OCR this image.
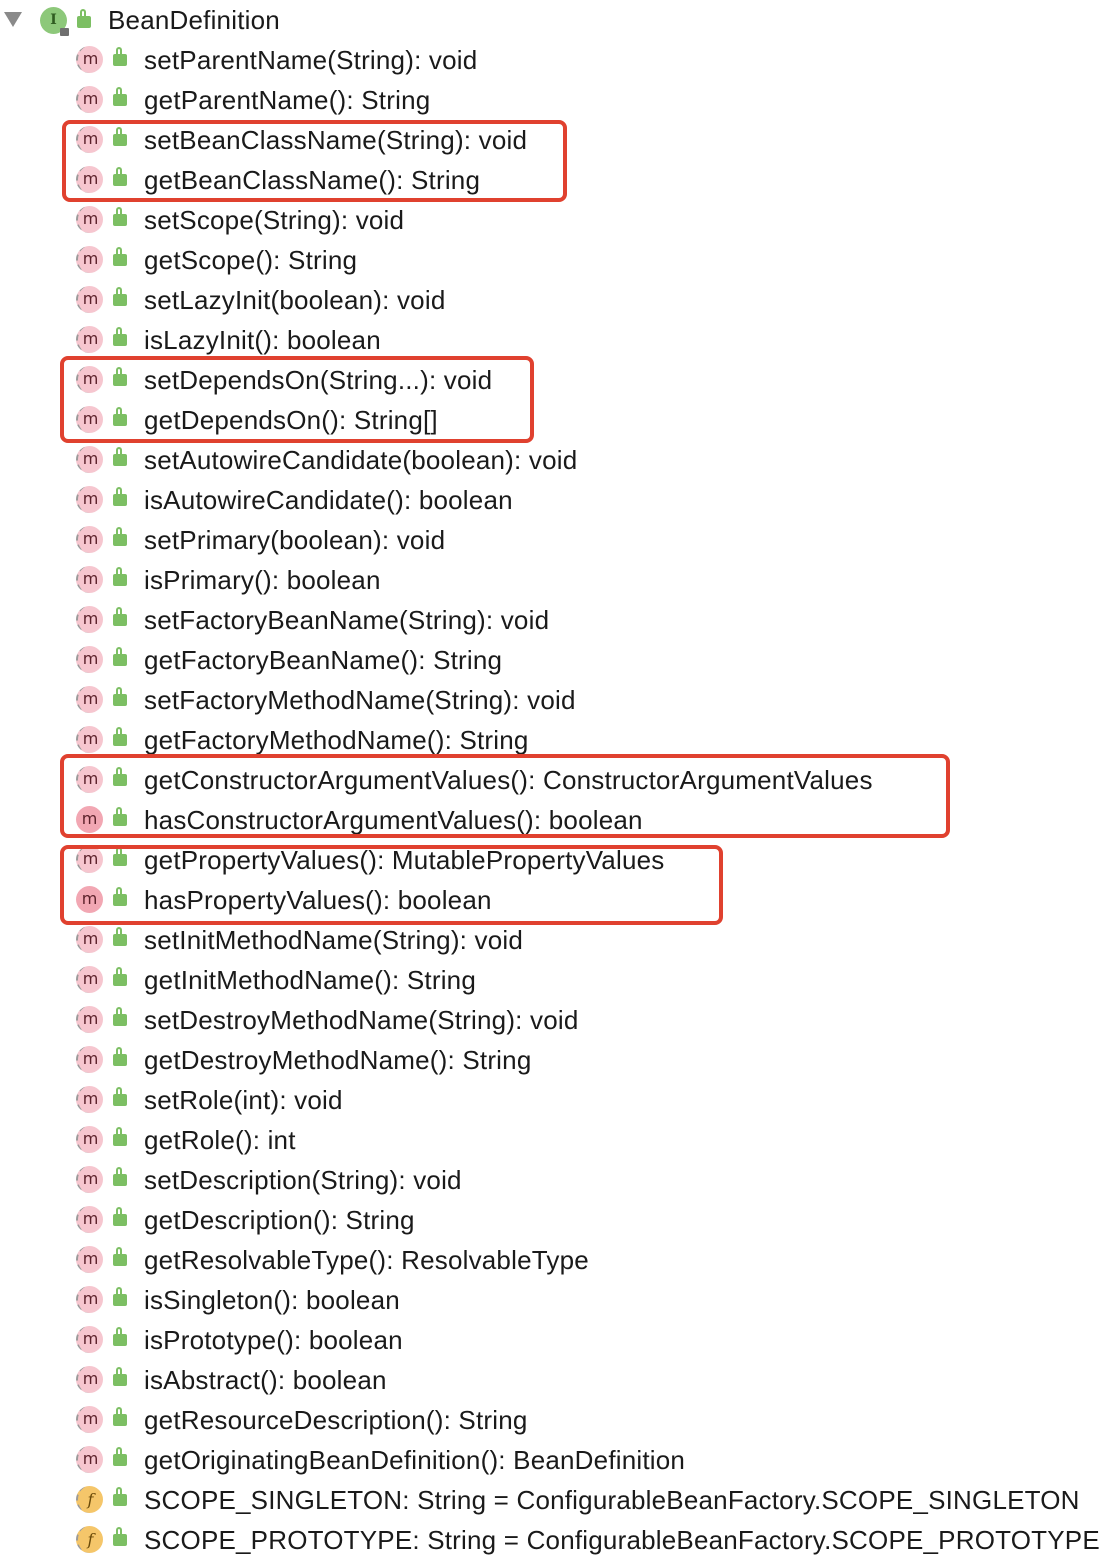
I	BeanDefinition
m setParentName(String): void
m getParentName(): String
m setBeanClassName(String): void
m getBeanClassName(): String
m setScope(String): void
m getScope(): String
m setLazyInit(boolean): void
m isLazyInit(): boolean
m setDependsOn(String...): void
m getDependsOn(): String[]
m setAutowireCandidate(boolean): void
m isAutowireCandidate(): boolean
m setPrimary(boolean): void
m isPrimary(): boolean
m setFactoryBeanName(String): void
m getFactoryBeanName(): String
m setFactoryMethodName(String): void
m getFactoryMethodName(): String
m getConstructorArgumentValues(): ConstructorArgumentValues
m hasConstructorArgumentValues(): boolean
m getPropertyValues(): MutablePropertyValues
m hasPropertyValues(): boolean
m setInitMethodName(String): void
m getInitMethodName(): String
m setDestroyMethodName(String): void
m getDestroyMethodName(): String
m setRole(int): void
m getRole(): int
m setDescription(String): void
m getDescription(): String
m getResolvableType(): ResolvableType
m isSingleton(): boolean
m isPrototype(): boolean
m isAbstract(): boolean
m getResourceDescription(): String
m getOriginatingBeanDefinition(): BeanDefinition
f	SCOPE_SINGLETON: String = ConfigurableBeanFactory.SCOPE_SINGLETON
f	SCOPE_PROTOTYPE: String = ConfigurableBeanFactory.SCOPE_PROTOTYPE
